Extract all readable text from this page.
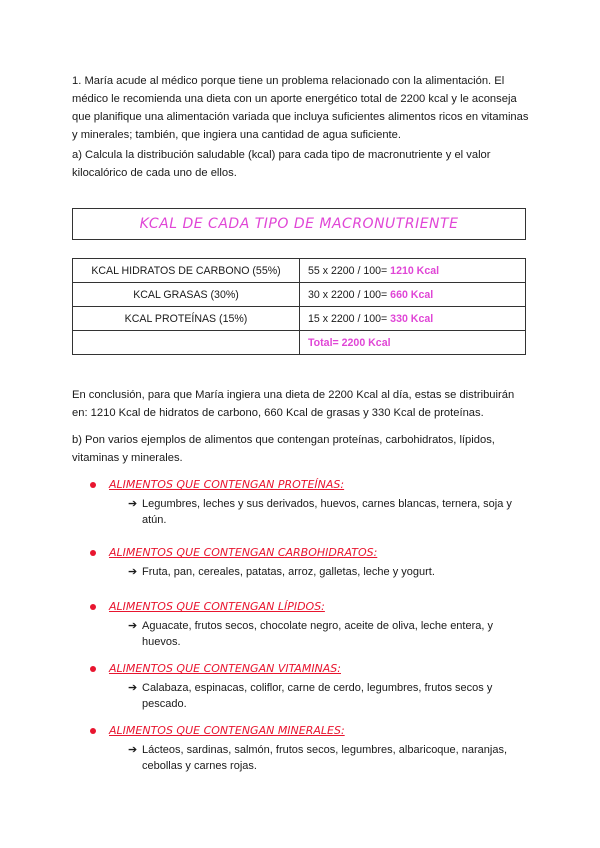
1. María acude al médico porque tiene un problema relacionado con la alimentación. El médico le recomienda una dieta con un aporte energético total de 2200 kcal y le aconseja que planifique una alimentación variada que incluya suficientes alimentos ricos en vitaminas y minerales; también, que ingiera una cantidad de agua suficiente.

a) Calcula la distribución saludable (kcal) para cada tipo de macronutriente y el valor kilocalórico de cada uno de ellos.

KCAL DE CADA TIPO DE MACRONUTRIENTE
KCAL HIDRATOS DE CARBONO (55%)	55 x 2200 / 100= 1210 Kcal
KCAL GRASAS (30%)	30 x 2200 / 100= 660 Kcal
KCAL PROTEÍNAS (15%)	15 x 2200 / 100= 330 Kcal
	Total= 2200 Kcal

En conclusión, para que María ingiera una dieta de 2200 Kcal al día, estas se distribuirán en: 1210 Kcal de hidratos de carbono, 660 Kcal de grasas y 330 Kcal de proteínas.

b) Pon varios ejemplos de alimentos que contengan proteínas, carbohidratos, lípidos, vitaminas y minerales.

ALIMENTOS QUE CONTENGAN PROTEÍNAS:
➔ Legumbres, leches y sus derivados, huevos, carnes blancas, ternera, soja y atún.
ALIMENTOS QUE CONTENGAN CARBOHIDRATOS:
➔ Fruta, pan, cereales, patatas, arroz, galletas, leche y yogurt.
ALIMENTOS QUE CONTENGAN LÍPIDOS:
➔ Aguacate, frutos secos, chocolate negro, aceite de oliva, leche entera, y huevos.
ALIMENTOS QUE CONTENGAN VITAMINAS:
➔ Calabaza, espinacas, coliflor, carne de cerdo, legumbres, frutos secos y pescado.
ALIMENTOS QUE CONTENGAN MINERALES:
➔ Lácteos, sardinas, salmón, frutos secos, legumbres, albaricoque, naranjas, cebollas y carnes rojas.
